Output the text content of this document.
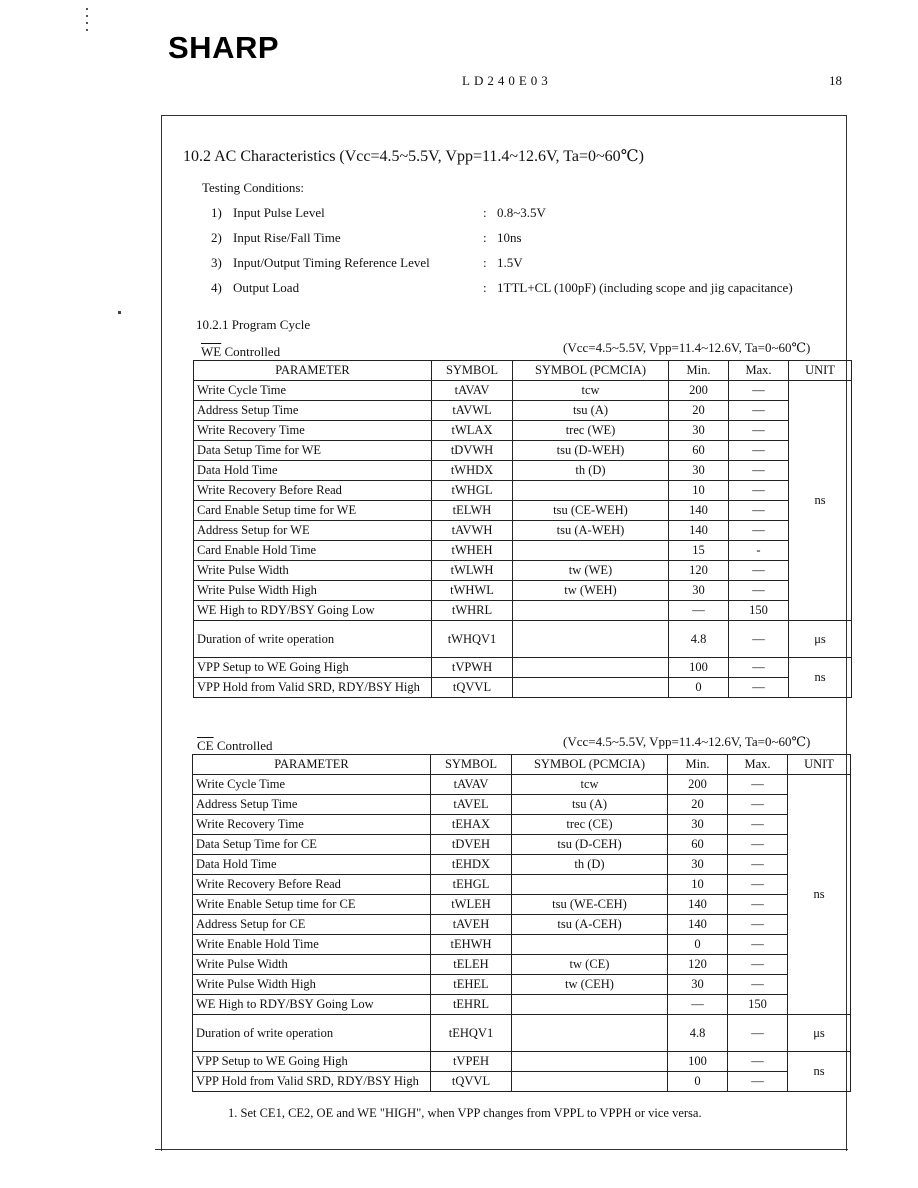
SHARP
LD240E03	18
10.2 AC Characteristics (Vcc=4.5~5.5V, Vpp=11.4~12.6V, Ta=0~60℃)
Testing Conditions:
1) Input Pulse Level	: 0.8~3.5V
2) Input Rise/Fall Time	: 10ns
3) Input/Output Timing Reference Level	: 1.5V
4) Output Load	: 1TTL+CL (100pF) (including scope and jig capacitance)
10.2.1 Program Cycle
$\overline{WE}$ Controlled	(Vcc=4.5~5.5V, Vpp=11.4~12.6V, Ta=0~60℃)
PARAMETER	SYMBOL	SYMBOL (PCMCIA)	Min.	Max.	UNIT
Write Cycle Time	tAVAV	tcw	200	—	ns
Address Setup Time	tAVWL	tsu (A)	20	—	
Write Recovery Time	tWLAX	trec (WE)	30	—	
Data Setup Time for WE	tDVWH	tsu (D-WEH)	60	—	
Data Hold Time	tWHDX	th (D)	30	—	
Write Recovery Before Read	tWHGL		10	—	
Card Enable Setup time for WE	tELWH	tsu (CE-WEH)	140	—	
Address Setup for WE	tAVWH	tsu (A-WEH)	140	—	
Card Enable Hold Time	tWHEH		15	-	
Write Pulse Width	tWLWH	tw (WE)	120	—	
Write Pulse Width High	tWHWL	tw (WEH)	30	—	
WE High to RDY/BSY Going Low	tWHRL		—	150	
Duration of write operation	tWHQV1		4.8	—	μs
VPP Setup to WE Going High	tVPWH		100	—	ns
VPP Hold from Valid SRD, RDY/BSY High	tQVVL		0	—	
$\overline{CE}$ Controlled	(Vcc=4.5~5.5V, Vpp=11.4~12.6V, Ta=0~60℃)
PARAMETER	SYMBOL	SYMBOL (PCMCIA)	Min.	Max.	UNIT
Write Cycle Time	tAVAV	tcw	200	—	ns
Address Setup Time	tAVEL	tsu (A)	20	—	
Write Recovery Time	tEHAX	trec (CE)	30	—	
Data Setup Time for CE	tDVEH	tsu (D-CEH)	60	—	
Data Hold Time	tEHDX	th (D)	30	—	
Write Recovery Before Read	tEHGL		10	—	
Write Enable Setup time for CE	tWLEH	tsu (WE-CEH)	140	—	
Address Setup for CE	tAVEH	tsu (A-CEH)	140	—	
Write Enable Hold Time	tEHWH		0	—	
Write Pulse Width	tELEH	tw (CE)	120	—	
Write Pulse Width High	tEHEL	tw (CEH)	30	—	
WE High to RDY/BSY Going Low	tEHRL		—	150	
Duration of write operation	tEHQV1		4.8	—	μs
VPP Setup to WE Going High	tVPEH		100	—	ns
VPP Hold from Valid SRD, RDY/BSY High	tQVVL		0	—	
1. Set CE1, CE2, OE and WE "HIGH", when VPP changes from VPPL to VPPH or vice versa.
